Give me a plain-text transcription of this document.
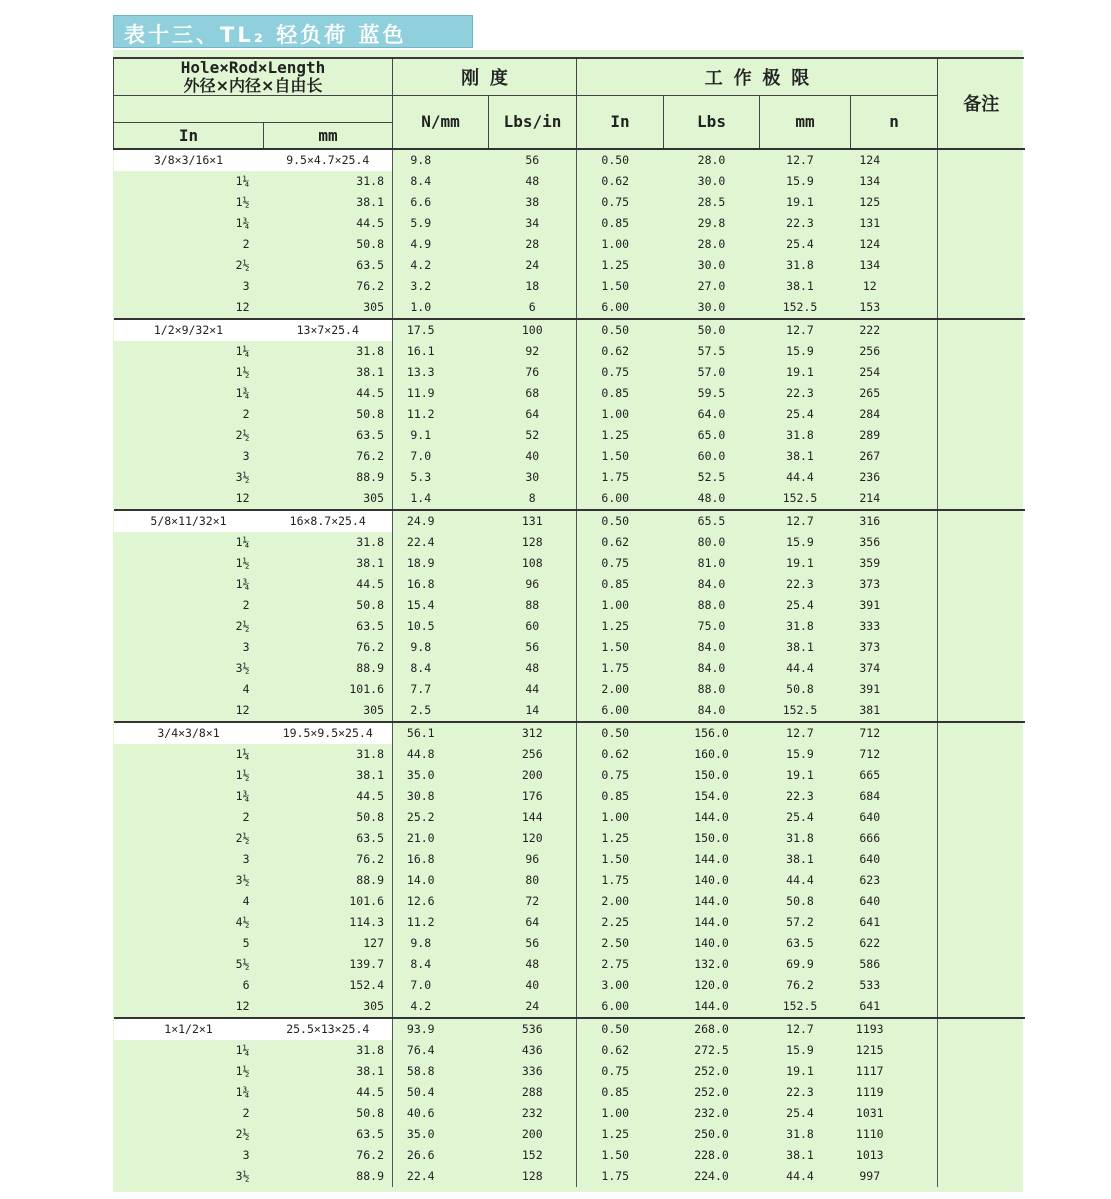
表十三、TL₂ 轻负荷 蓝色
Hole×Rod×Length
外径×内径×自由长		刚 度		工 作 极 限				备注
		N/mm	Lbs/in	In	Lbs	mm	n	
In	mm							
3/8×3/16×1	9.5×4.7×25.4	9.8	56	0.50	28.0	12.7	124	
1¼	31.8	8.4	48	0.62	30.0	15.9	134	
1½	38.1	6.6	38	0.75	28.5	19.1	125	
1¾	44.5	5.9	34	0.85	29.8	22.3	131	
2	50.8	4.9	28	1.00	28.0	25.4	124	
2½	63.5	4.2	24	1.25	30.0	31.8	134	
3	76.2	3.2	18	1.50	27.0	38.1	12	
12	305	1.0	6	6.00	30.0	152.5	153	
1/2×9/32×1	13×7×25.4	17.5	100	0.50	50.0	12.7	222	
1¼	31.8	16.1	92	0.62	57.5	15.9	256	
1½	38.1	13.3	76	0.75	57.0	19.1	254	
1¾	44.5	11.9	68	0.85	59.5	22.3	265	
2	50.8	11.2	64	1.00	64.0	25.4	284	
2½	63.5	9.1	52	1.25	65.0	31.8	289	
3	76.2	7.0	40	1.50	60.0	38.1	267	
3½	88.9	5.3	30	1.75	52.5	44.4	236	
12	305	1.4	8	6.00	48.0	152.5	214	
5/8×11/32×1	16×8.7×25.4	24.9	131	0.50	65.5	12.7	316	
1¼	31.8	22.4	128	0.62	80.0	15.9	356	
1½	38.1	18.9	108	0.75	81.0	19.1	359	
1¾	44.5	16.8	96	0.85	84.0	22.3	373	
2	50.8	15.4	88	1.00	88.0	25.4	391	
2½	63.5	10.5	60	1.25	75.0	31.8	333	
3	76.2	9.8	56	1.50	84.0	38.1	373	
3½	88.9	8.4	48	1.75	84.0	44.4	374	
4	101.6	7.7	44	2.00	88.0	50.8	391	
12	305	2.5	14	6.00	84.0	152.5	381	
3/4×3/8×1	19.5×9.5×25.4	56.1	312	0.50	156.0	12.7	712	
1¼	31.8	44.8	256	0.62	160.0	15.9	712	
1½	38.1	35.0	200	0.75	150.0	19.1	665	
1¾	44.5	30.8	176	0.85	154.0	22.3	684	
2	50.8	25.2	144	1.00	144.0	25.4	640	
2½	63.5	21.0	120	1.25	150.0	31.8	666	
3	76.2	16.8	96	1.50	144.0	38.1	640	
3½	88.9	14.0	80	1.75	140.0	44.4	623	
4	101.6	12.6	72	2.00	144.0	50.8	640	
4½	114.3	11.2	64	2.25	144.0	57.2	641	
5	127	9.8	56	2.50	140.0	63.5	622	
5½	139.7	8.4	48	2.75	132.0	69.9	586	
6	152.4	7.0	40	3.00	120.0	76.2	533	
12	305	4.2	24	6.00	144.0	152.5	641	
1×1/2×1	25.5×13×25.4	93.9	536	0.50	268.0	12.7	1193	
1¼	31.8	76.4	436	0.62	272.5	15.9	1215	
1½	38.1	58.8	336	0.75	252.0	19.1	1117	
1¾	44.5	50.4	288	0.85	252.0	22.3	1119	
2	50.8	40.6	232	1.00	232.0	25.4	1031	
2½	63.5	35.0	200	1.25	250.0	31.8	1110	
3	76.2	26.6	152	1.50	228.0	38.1	1013	
3½	88.9	22.4	128	1.75	224.0	44.4	997	
